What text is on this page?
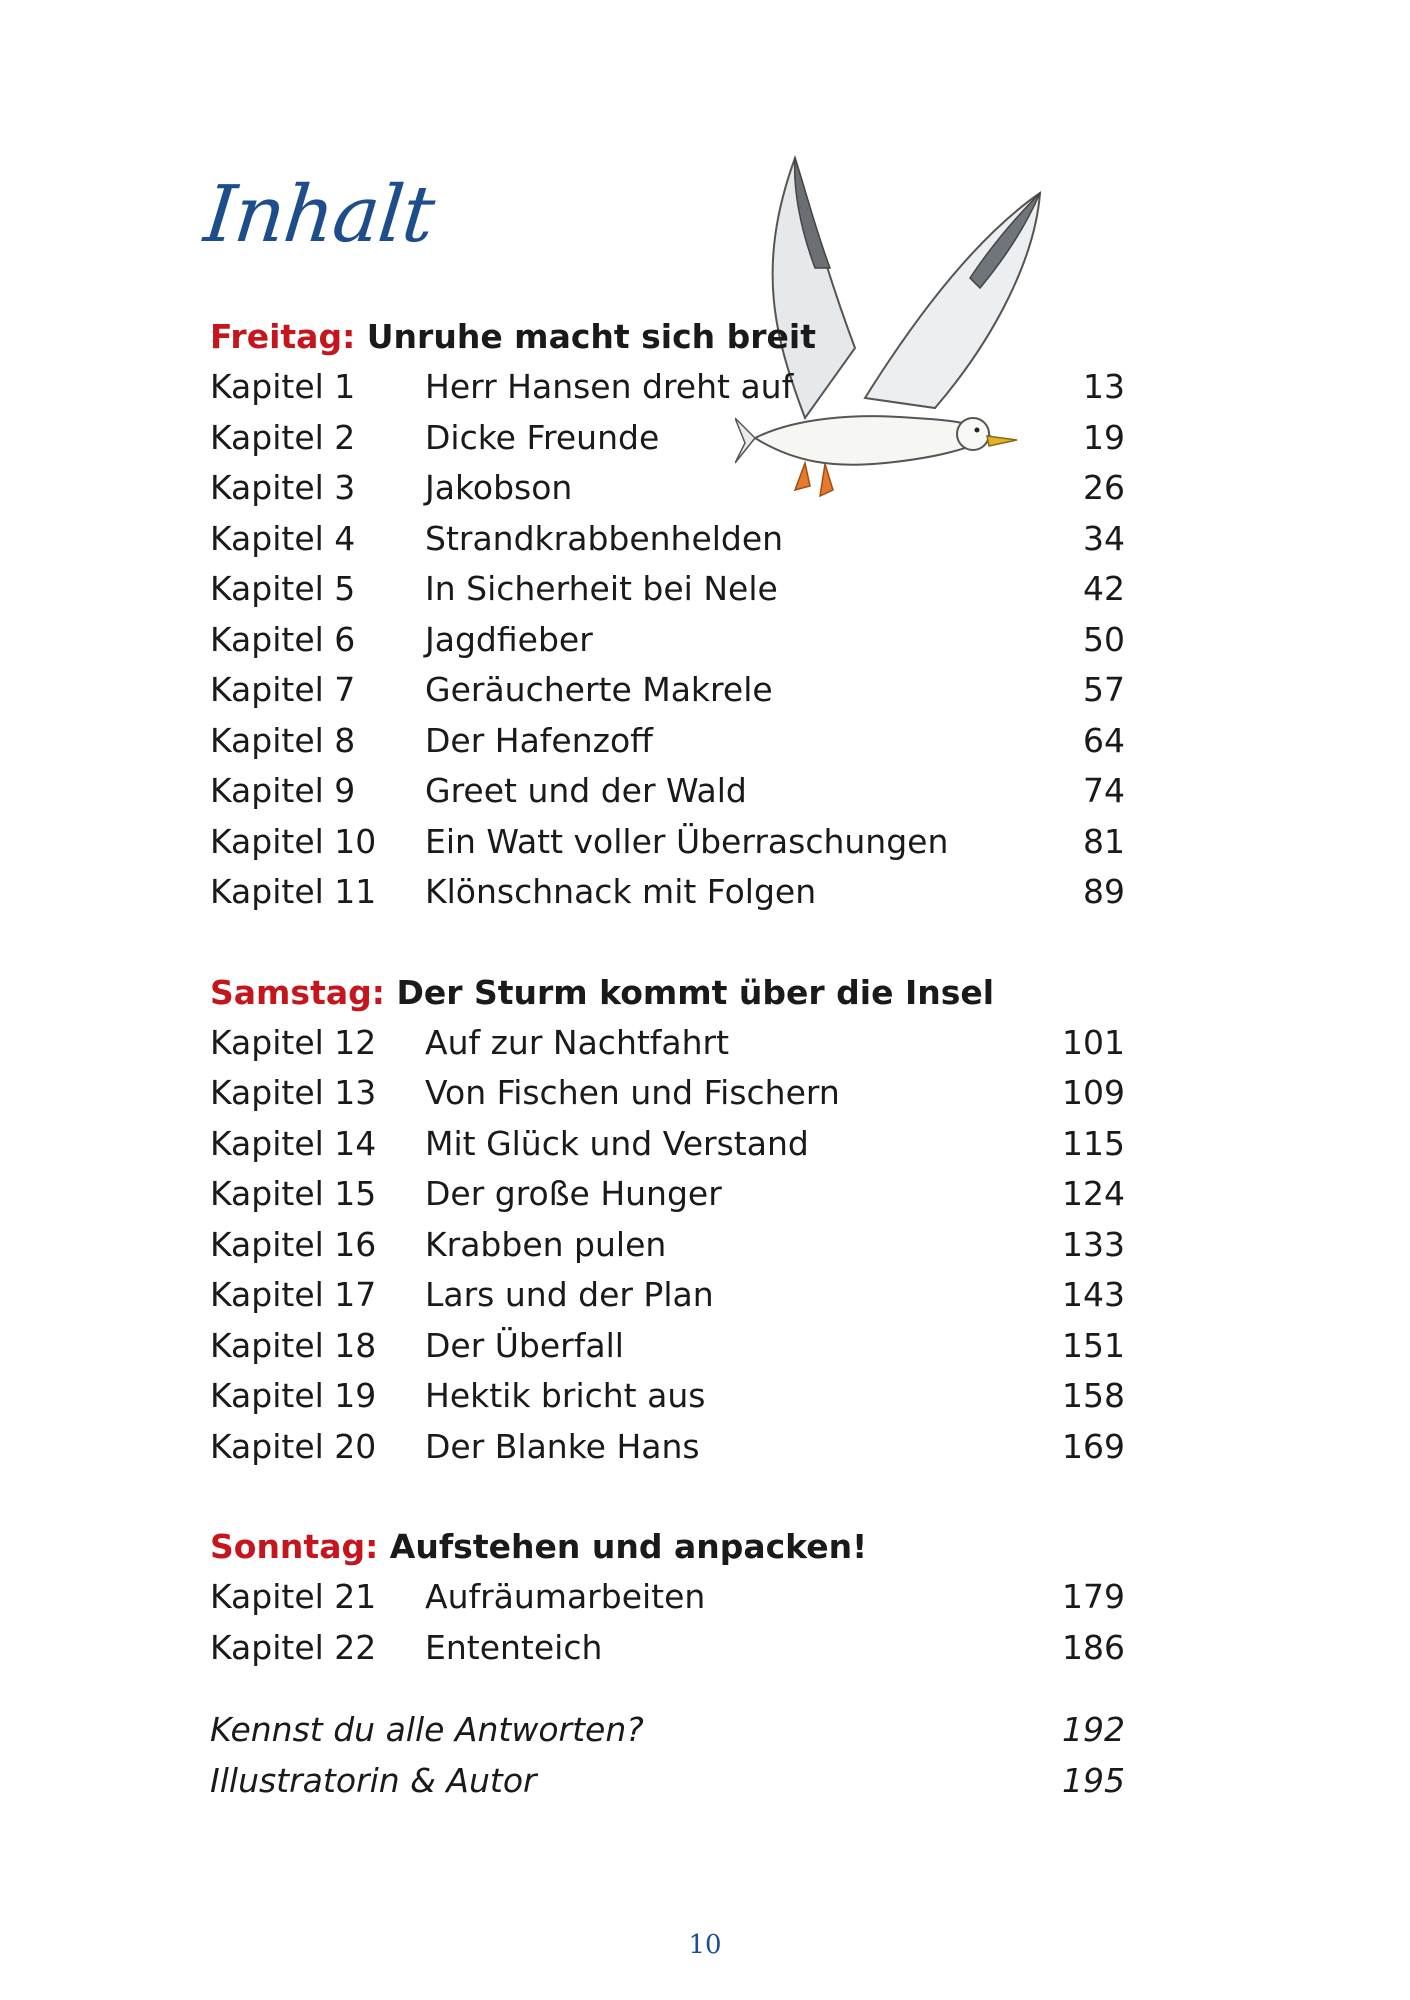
Inhalt
Freitag: Unruhe macht sich breit
Kapitel 1	Herr Hansen dreht auf	13
Kapitel 2	Dicke Freunde	19
Kapitel 3	Jakobson	26
Kapitel 4	Strandkrabbenhelden	34
Kapitel 5	In Sicherheit bei Nele	42
Kapitel 6	Jagdfieber	50
Kapitel 7	Geräucherte Makrele	57
Kapitel 8	Der Hafenzoff	64
Kapitel 9	Greet und der Wald	74
Kapitel 10	Ein Watt voller Überraschungen	81
Kapitel 11	Klönschnack mit Folgen	89
Samstag: Der Sturm kommt über die Insel
Kapitel 12	Auf zur Nachtfahrt	101
Kapitel 13	Von Fischen und Fischern	109
Kapitel 14	Mit Glück und Verstand	115
Kapitel 15	Der große Hunger	124
Kapitel 16	Krabben pulen	133
Kapitel 17	Lars und der Plan	143
Kapitel 18	Der Überfall	151
Kapitel 19	Hektik bricht aus	158
Kapitel 20	Der Blanke Hans	169
Sonntag: Aufstehen und anpacken!
Kapitel 21	Aufräumarbeiten	179
Kapitel 22	Ententeich	186
Kennst du alle Antworten?	192
Illustratorin & Autor	195
10
